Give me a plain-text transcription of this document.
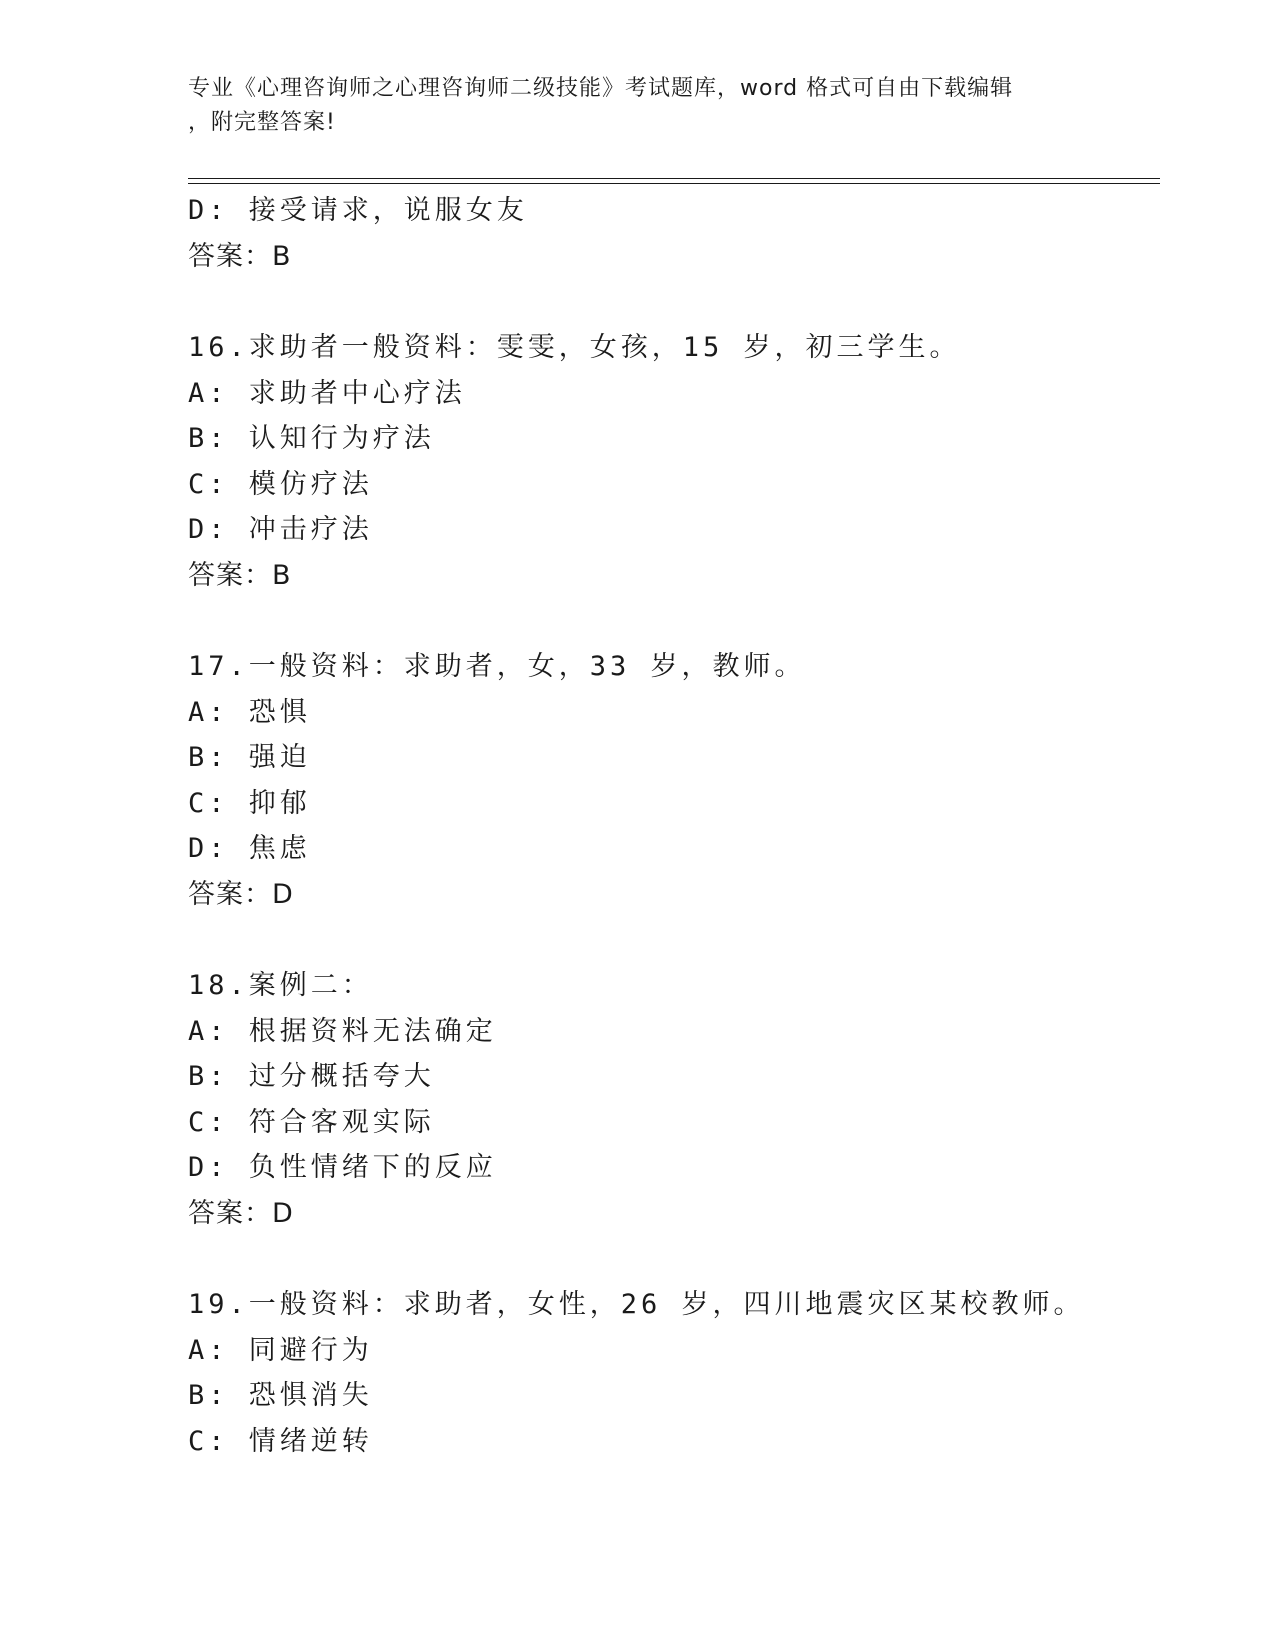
专业《心理咨询师之心理咨询师二级技能》考试题库，word 格式可自由下载编辑
，附完整答案!
D: 接受请求，说服女友
答案：B
16.求助者一般资料：雯雯，女孩，15 岁，初三学生。
A: 求助者中心疗法
B: 认知行为疗法
C: 模仿疗法
D: 冲击疗法
答案：B
17.一般资料：求助者，女，33 岁，教师。
A: 恐惧
B: 强迫
C: 抑郁
D: 焦虑
答案：D
18.案例二：
A: 根据资料无法确定
B: 过分概括夸大
C: 符合客观实际
D: 负性情绪下的反应
答案：D
19.一般资料：求助者，女性，26 岁，四川地震灾区某校教师。
A: 同避行为
B: 恐惧消失
C: 情绪逆转
